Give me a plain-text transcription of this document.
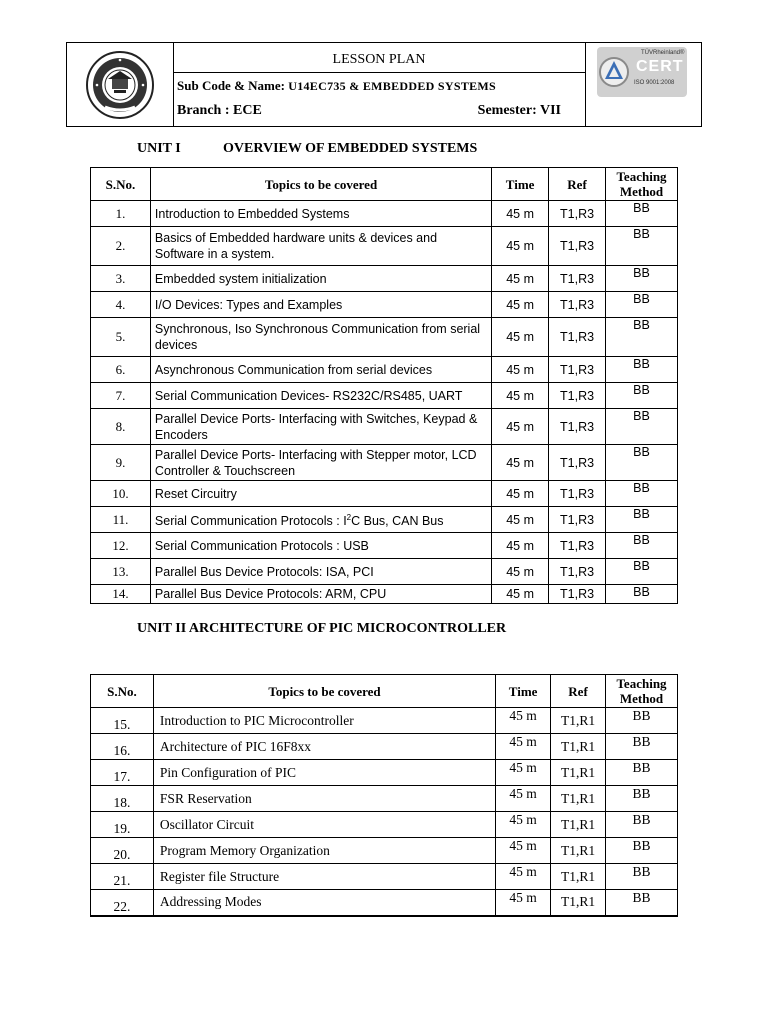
LESSON PLAN
Sub Code & Name: U14EC735 & EMBEDDED SYSTEMS
Branch : ECE	Semester: VII
TÜVRheinland®
CERT
ISO 9001:2008
UNIT I	OVERVIEW OF EMBEDDED SYSTEMS
S.No.	Topics to be covered	Time	Ref	Teaching
Method
1.	Introduction to Embedded Systems	45 m	T1,R3	BB
2.	Basics of Embedded hardware units & devices and Software in a system.	45 m	T1,R3	BB
3.	Embedded system initialization	45 m	T1,R3	BB
4.	I/O Devices: Types and Examples	45 m	T1,R3	BB
5.	Synchronous, Iso Synchronous Communication from serial devices	45 m	T1,R3	BB
6.	Asynchronous Communication from serial devices	45 m	T1,R3	BB
7.	Serial Communication Devices- RS232C/RS485, UART	45 m	T1,R3	BB
8.	Parallel Device Ports- Interfacing with Switches, Keypad & Encoders	45 m	T1,R3	BB
9.	Parallel Device Ports- Interfacing with Stepper motor, LCD Controller & Touchscreen	45 m	T1,R3	BB
10.	Reset Circuitry	45 m	T1,R3	BB
11.	Serial Communication Protocols : $I^2C$ Bus, CAN Bus	45 m	T1,R3	BB
12.	Serial Communication Protocols : USB	45 m	T1,R3	BB
13.	Parallel Bus Device Protocols: ISA, PCI	45 m	T1,R3	BB
14.	Parallel Bus Device Protocols: ARM, CPU	45 m	T1,R3	BB
UNIT II ARCHITECTURE OF PIC MICROCONTROLLER
S.No.	Topics to be covered	Time	Ref	Teaching
Method
15.	Introduction to PIC Microcontroller	45 m	T1,R1	BB
16.	Architecture of PIC 16F8xx	45 m	T1,R1	BB
17.	Pin Configuration of PIC	45 m	T1,R1	BB
18.	FSR Reservation	45 m	T1,R1	BB
19.	Oscillator Circuit	45 m	T1,R1	BB
20.	Program Memory Organization	45 m	T1,R1	BB
21.	Register file Structure	45 m	T1,R1	BB
22.	Addressing Modes	45 m	T1,R1	BB
